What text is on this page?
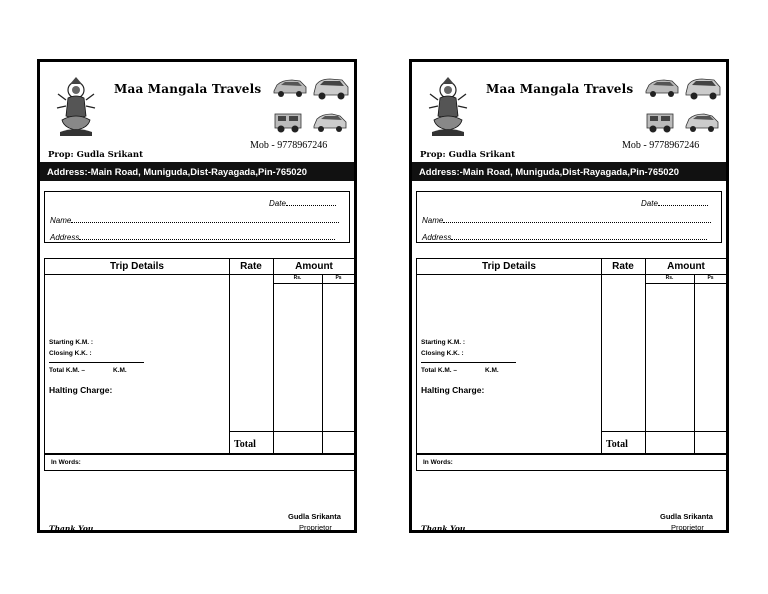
Maa Mangala Travels
Mob - 9778967246
Prop: Gudla Srikant
Address:-Main Road, Muniguda,Dist-Rayagada,Pin-765020
Date
Name
Address
Trip Details	Rate	Amount
Rs.	Ps
Starting K.M. :
Closing K.K. :
Total K.M. –	K.M.
Halting Charge:
Total
In Words:
Gudla Srikanta
Proprietor
Thank You
Maa Mangala Travels
Mob - 9778967246
Prop: Gudla Srikant
Address:-Main Road, Muniguda,Dist-Rayagada,Pin-765020
Date
Name
Address
Trip Details	Rate	Amount
Rs.	Ps
Starting K.M. :
Closing K.K. :
Total K.M. –	K.M.
Halting Charge:
Total
In Words:
Gudla Srikanta
Proprietor
Thank You
